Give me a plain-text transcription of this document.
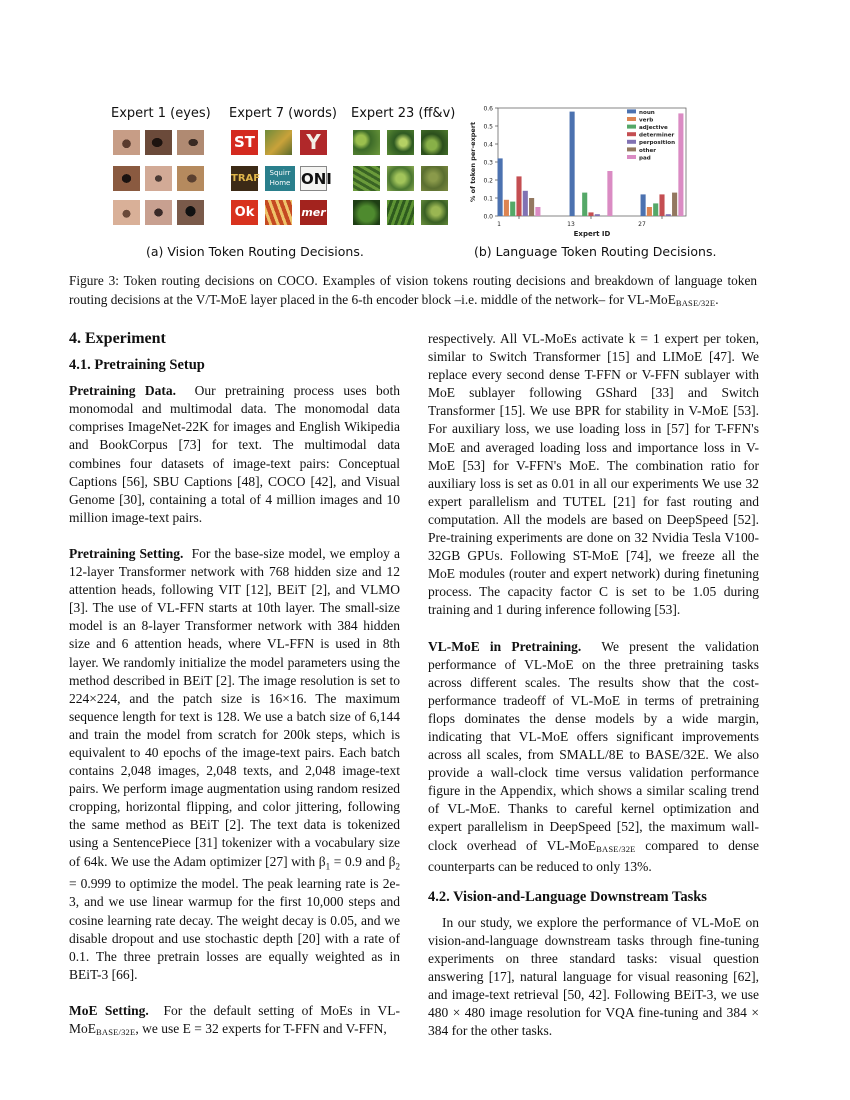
Expert 1 (eyes) Expert 7 (words) Expert 23 (ff&v)
ST	Y
TRAF	Squirr Home ONI
Ok	mer	0.0
0.1
0.2
0.3
0.4
0.5
0.6
% of token per-expert
1	13	27
Expert ID
noun
verb
adjective
determiner
perposition
other
pad
(a) Vision Token Routing Decisions.	(b) Language Token Routing Decisions.

Figure 3: Token routing decisions on COCO. Examples of vision tokens routing decisions and breakdown of language token routing decisions at the V/T-MoE layer placed in the 6-th encoder block –i.e. middle of the network– for VL-MoE$_{BASE/32E}$.

4. Experiment
4.1. Pretraining Setup

Pretraining Data. Our pretraining process uses both monomodal and multimodal data. The monomodal data comprises ImageNet-22K for images and English Wikipedia and BookCorpus [73] for text. The multimodal data combines four datasets of image-text pairs: Conceptual Captions [56], SBU Captions [48], COCO [42], and Visual Genome [30], containing a total of 4 million images and 10 million image-text pairs.

Pretraining Setting. For the base-size model, we employ a 12-layer Transformer network with 768 hidden size and 12 attention heads, following VIT [12], BEiT [2], and VLMO [3]. The use of VL-FFN starts at 10th layer. The small-size model is an 8-layer Transformer network with 384 hidden size and 6 attention heads, where VL-FFN is used in 8th layer. We randomly initialize the model parameters using the method described in BEiT [2]. The image resolution is set to 224×224, and the patch size is 16×16. The maximum sequence length for text is 128. We use a batch size of 6,144 and train the model from scratch for 200k steps, which is equivalent to 40 epochs of the image-text pairs. Each batch contains 2,048 images, 2,048 texts, and 2,048 image-text pairs. We perform image augmentation using random resized cropping, horizontal flipping, and color jittering, following the same method as BEiT [2]. The text data is tokenized using a SentencePiece [31] tokenizer with a vocabulary size of 64k. We use the Adam optimizer [27] with $\beta_1 = 0.9$ and $\beta_2 = 0.999$ to optimize the model. The peak learning rate is 2e-3, and we use linear warmup for the first 10,000 steps and cosine learning rate decay. The weight decay is 0.05, and we disable dropout and use stochastic depth [20] with a rate of 0.1. The three pretrain losses are equally weighted as in BEiT-3 [66].

MoE Setting. For the default setting of MoEs in VL-MoE$_{BASE/32E}$, we use E = 32 experts for T-FFN and V-FFN,

respectively. All VL-MoEs activate k = 1 expert per token, similar to Switch Transformer [15] and LIMoE [47]. We replace every second dense T-FFN or V-FFN sublayer with MoE sublayer following GShard [33] and Switch Transformer [15]. We use BPR for stability in V-MoE [53]. For auxiliary loss, we use loading loss in [57] for T-FFN's MoE and averaged loading loss and importance loss in V-MoE [53] for V-FFN's MoE. The combination ratio for auxiliary loss is set as 0.01 in all our experiments We use 32 expert parallelism and TUTEL [21] for fast routing and computation. All the models are based on DeepSpeed [52]. Pre-training experiments are done on 32 Nvidia Tesla V100-32GB GPUs. Following ST-MoE [74], we freeze all the MoE modules (router and expert network) during finetuning process. The capacity factor C is set to be 1.05 during training and 1 during inference following [53].

VL-MoE in Pretraining. We present the validation performance of VL-MoE on the three pretraining tasks across different scales. The results show that the cost-performance tradeoff of VL-MoE in terms of pretraining flops dominates the dense models by a wide margin, indicating that VL-MoE offers significant improvements across all scales, from SMALL/8E to BASE/32E. We also provide a wall-clock time versus validation performance figure in the Appendix, which shows a similar scaling trend of VL-MoE. Thanks to careful kernel optimization and expert parallelism in DeepSpeed [52], the maximum wall-clock overhead of VL-MoE$_{BASE/32E}$ compared to dense counterparts can be reduced to only 13%.

4.2. Vision-and-Language Downstream Tasks

In our study, we explore the performance of VL-MoE on vision-and-language downstream tasks through fine-tuning experiments on three standard tasks: visual question answering [17], natural language for visual reasoning [62], and image-text retrieval [50, 42]. Following BEiT-3, we use 480 × 480 image resolution for VQA fine-tuning and 384 × 384 for the other tasks.
